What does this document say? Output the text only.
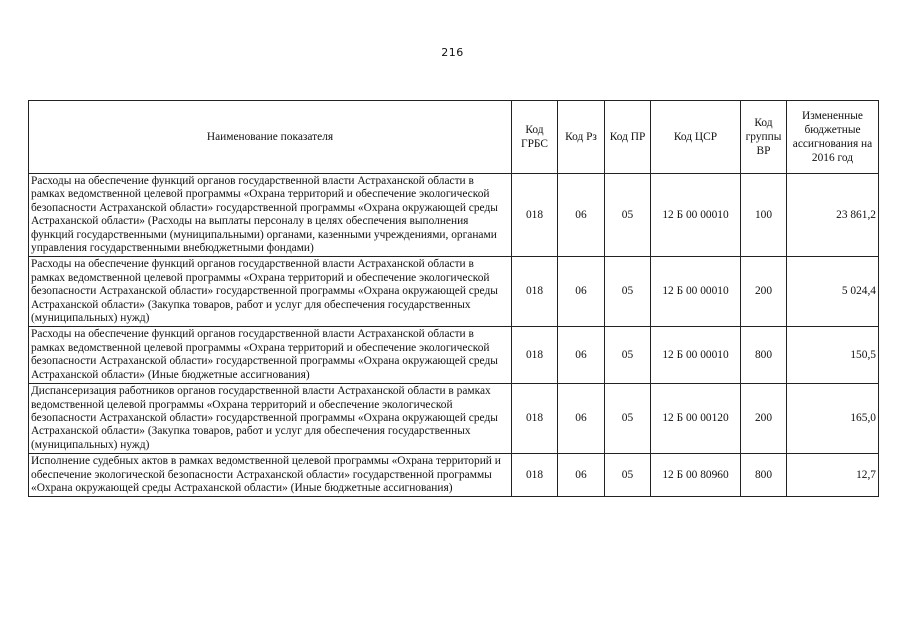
216
Наименование показателя	Код ГРБС	Код Рз	Код ПР	Код ЦСР	Код группы ВР	Измененные бюджетные ассигнования на 2016 год
Расходы на обеспечение функций органов государственной власти Астраханской области в рамках ведомственной целевой программы «Охрана территорий и обеспечение экологической безопасности Астраханской области» государственной программы «Охрана окружающей среды Астраханской области» (Расходы на выплаты персоналу в целях обеспечения выполнения функций государственными (муниципальными) органами, казенными учреждениями, органами управления государственными внебюджетными фондами)	018	06	05	12 Б 00 00010	100	23 861,2
Расходы на обеспечение функций органов государственной власти Астраханской области в рамках ведомственной целевой программы «Охрана территорий и обеспечение экологической безопасности Астраханской области» государственной программы «Охрана окружающей среды Астраханской области» (Закупка товаров, работ и услуг для обеспечения государственных (муниципальных) нужд)	018	06	05	12 Б 00 00010	200	5 024,4
Расходы на обеспечение функций органов государственной власти Астраханской области в рамках ведомственной целевой программы «Охрана территорий и обеспечение экологической безопасности Астраханской области» государственной программы «Охрана окружающей среды Астраханской области» (Иные бюджетные ассигнования)	018	06	05	12 Б 00 00010	800	150,5
Диспансеризация работников органов государственной власти Астраханской области в рамках ведомственной целевой программы «Охрана территорий и обеспечение экологической безопасности Астраханской области» государственной программы «Охрана окружающей среды Астраханской области» (Закупка товаров, работ и услуг для обеспечения государственных (муниципальных) нужд)	018	06	05	12 Б 00 00120	200	165,0
Исполнение судебных актов в рамках ведомственной целевой программы «Охрана территорий и обеспечение экологической безопасности Астраханской области» государственной программы «Охрана окружающей среды Астраханской области» (Иные бюджетные ассигнования)	018	06	05	12 Б 00 80960	800	12,7
